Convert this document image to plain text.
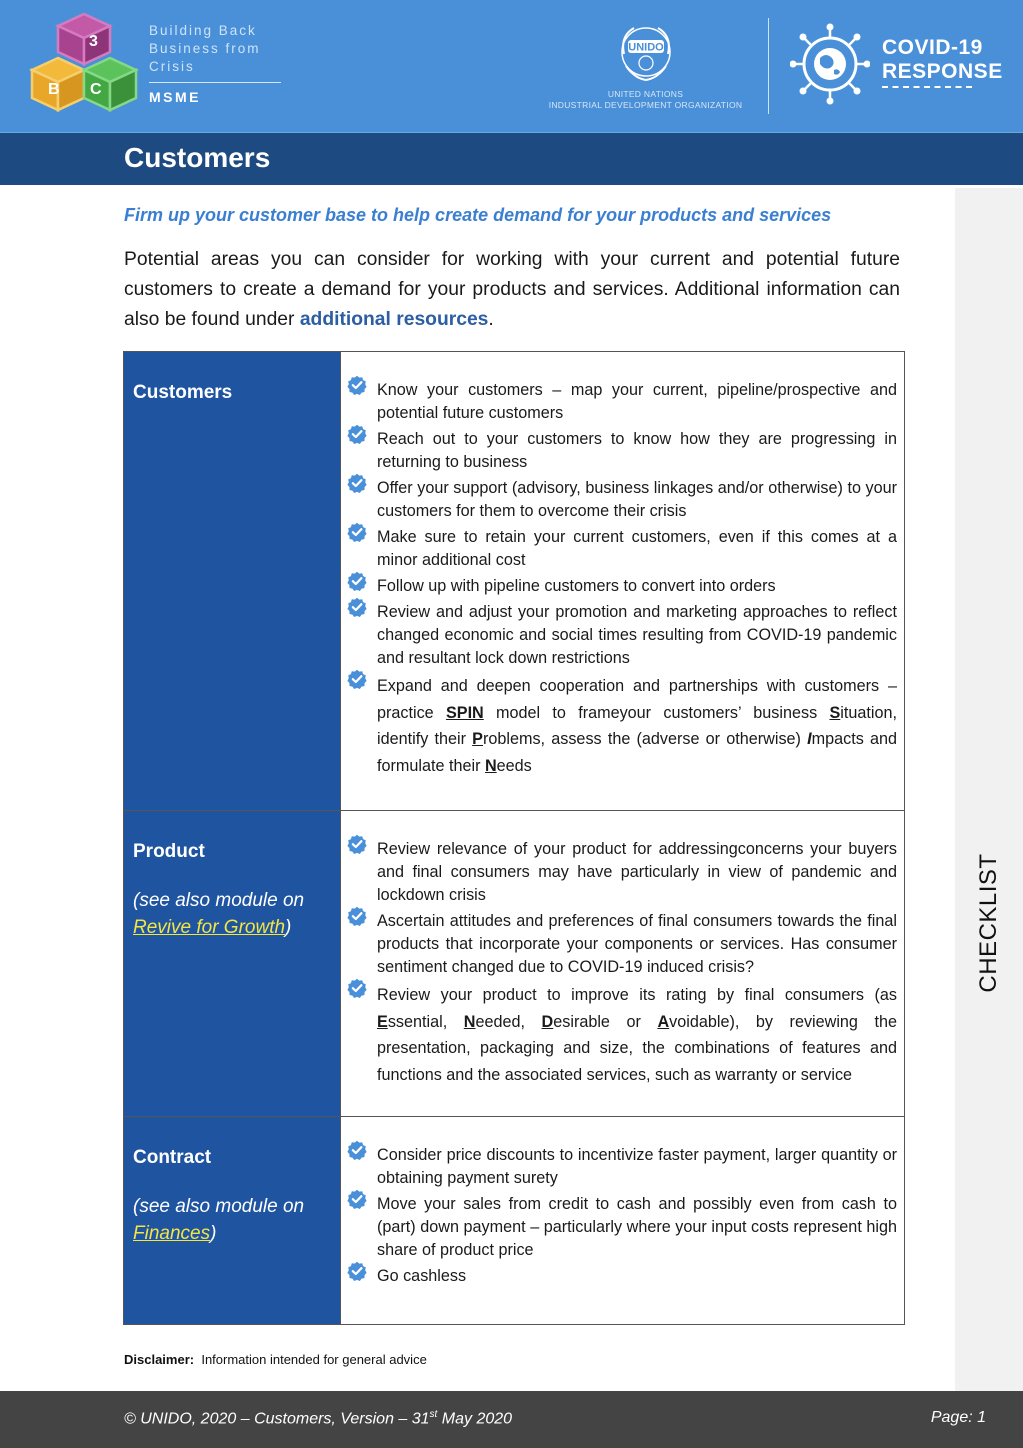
3
B C
Building Back
Business from
Crisis
MSME
UNIDO
UNITED NATIONS
INDUSTRIAL DEVELOPMENT ORGANIZATION
COVID-19
RESPONSE
Customers
CHECKLIST

Firm up your customer base to help create demand for your products and services

Potential areas you can consider for working with your current and potential future customers to create a demand for your products and services. Additional information can also be found under additional resources.

Customers	Know your customers – map your current, pipeline/prospective and potential future customers
Reach out to your customers to know how they are progressing in returning to business
Offer your support (advisory, business linkages and/or otherwise) to your customers for them to overcome their crisis
Make sure to retain your current customers, even if this comes at a minor additional cost
Follow up with pipeline customers to convert into orders
Review and adjust your promotion and marketing approaches to reflect changed economic and social times resulting from COVID-19 pandemic and resultant lock down restrictions
Expand and deepen cooperation and partnerships with customers – practice SPIN model to frameyour customers’ business Situation, identify their Problems, assess the (adverse or otherwise) Impacts and formulate their Needs
Product
(see also module on Revive for Growth)
Review relevance of your product for addressingconcerns your buyers and final consumers may have particularly in view of pandemic and lockdown crisis
Ascertain attitudes and preferences of final consumers towards the final products that incorporate your components or services. Has consumer sentiment changed due to COVID-19 induced crisis?
Review your product to improve its rating by final consumers (as Essential, Needed, Desirable or Avoidable), by reviewing the presentation, packaging and size, the combinations of features and functions and the associated services, such as warranty or service
Contract
(see also module on Finances)
Consider price discounts to incentivize faster payment, larger quantity or obtaining payment surety
Move your sales from credit to cash and possibly even from cash to (part) down payment – particularly where your input costs represent high share of product price
Go cashless
Disclaimer: Information intended for general advice
© UNIDO, 2020 – Customers, Version – 31st May 2020	Page: 1
